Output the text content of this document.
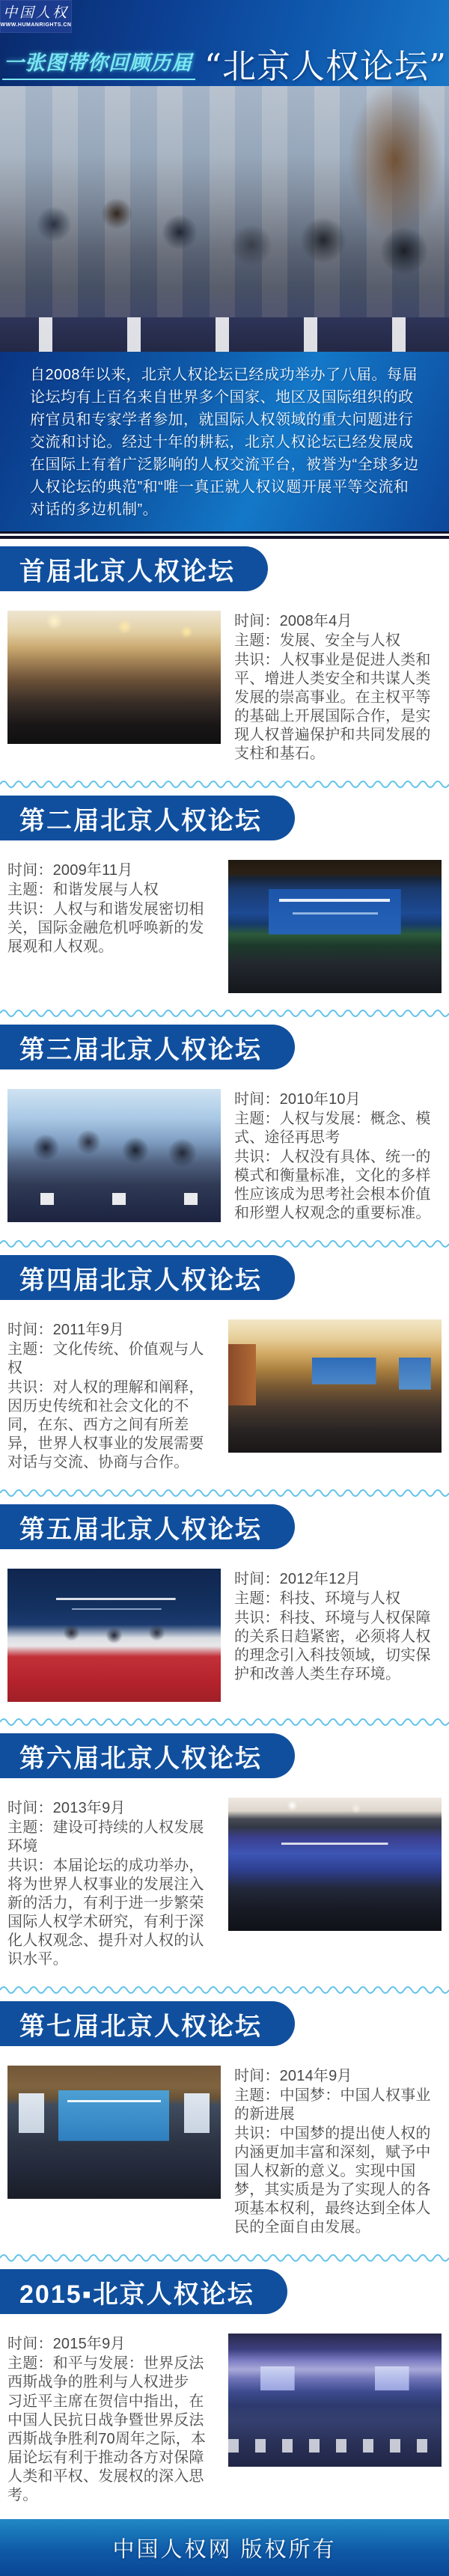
中国人权
WWW.HUMANRIGHTS.CN
一张图带你回顾历届 “北京人权论坛”

自2008年以来，北京人权论坛已经成功举办了八届。每届论坛均有上百名来自世界多个国家、地区及国际组织的政府官员和专家学者参加，就国际人权领域的重大问题进行交流和讨论。经过十年的耕耘，北京人权论坛已经发展成在国际上有着广泛影响的人权交流平台，被誉为“全球多边人权论坛的典范”和“唯一真正就人权议题开展平等交流和对话的多边机制”。

首届北京人权论坛

时间：2008年4月

主题：发展、安全与人权

共识：人权事业是促进人类和平、增进人类安全和共谋人类发展的崇高事业。在主权平等的基础上开展国际合作，是实现人权普遍保护和共同发展的支柱和基石。

第二届北京人权论坛

时间：2009年11月

主题：和谐发展与人权

共识：人权与和谐发展密切相关，国际金融危机呼唤新的发展观和人权观。

第三届北京人权论坛

时间：2010年10月

主题：人权与发展：概念、模式、途径再思考

共识：人权没有具体、统一的模式和衡量标准，文化的多样性应该成为思考社会根本价值和形塑人权观念的重要标准。

第四届北京人权论坛

时间：2011年9月

主题：文化传统、价值观与人权

共识：对人权的理解和阐释，因历史传统和社会文化的不同，在东、西方之间有所差异，世界人权事业的发展需要对话与交流、协商与合作。

第五届北京人权论坛

时间：2012年12月

主题：科技、环境与人权

共识：科技、环境与人权保障的关系日趋紧密，必须将人权的理念引入科技领域，切实保护和改善人类生存环境。

第六届北京人权论坛

时间：2013年9月

主题：建设可持续的人权发展环境

共识：本届论坛的成功举办，将为世界人权事业的发展注入新的活力，有利于进一步繁荣国际人权学术研究，有利于深化人权观念、提升对人权的认识水平。

第七届北京人权论坛

时间：2014年9月

主题：中国梦：中国人权事业的新进展

共识：中国梦的提出使人权的内涵更加丰富和深刻，赋予中国人权新的意义。实现中国梦，其实质是为了实现人的各项基本权利，最终达到全体人民的全面自由发展。

2015▪北京人权论坛

时间：2015年9月

主题：和平与发展：世界反法西斯战争的胜利与人权进步

习近平主席在贺信中指出，在中国人民抗日战争暨世界反法西斯战争胜利70周年之际，本届论坛有利于推动各方对保障人类和平权、发展权的深入思考。

中国人权网 版权所有
